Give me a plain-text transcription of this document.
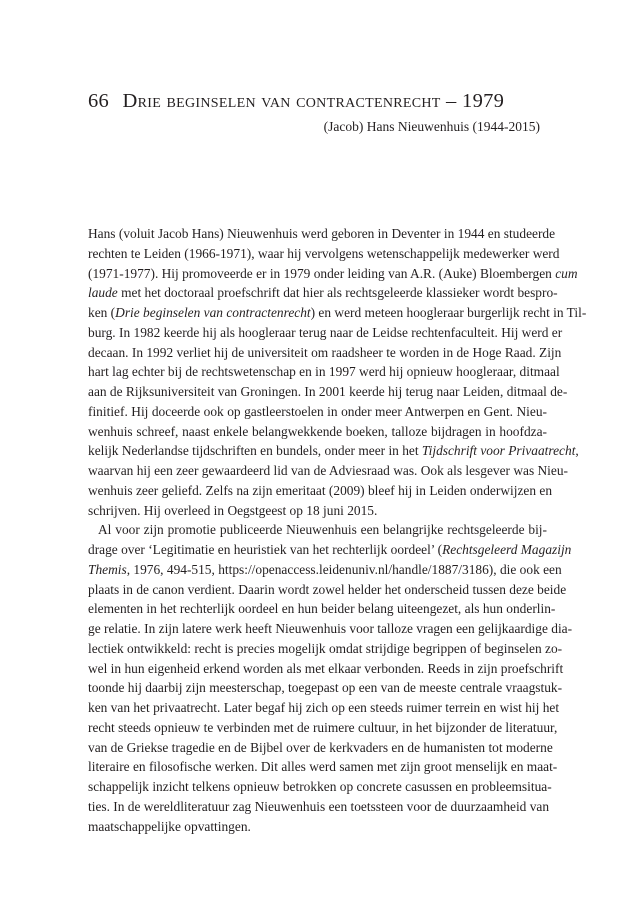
66 Drie beginselen van contractenrecht – 1979
(Jacob) Hans Nieuwenhuis (1944-2015)
Hans (voluit Jacob Hans) Nieuwenhuis werd geboren in Deventer in 1944 en studeerde
rechten te Leiden (1966-1971), waar hij vervolgens wetenschappelijk medewerker werd
(1971-1977). Hij promoveerde er in 1979 onder leiding van A.R. (Auke) Bloembergen cum
laude met het doctoraal proefschrift dat hier als rechtsgeleerde klassieker wordt bespro-
ken (Drie beginselen van contractenrecht) en werd meteen hoogleraar burgerlijk recht in Til-
burg. In 1982 keerde hij als hoogleraar terug naar de Leidse rechtenfaculteit. Hij werd er
decaan. In 1992 verliet hij de universiteit om raadsheer te worden in de Hoge Raad. Zijn
hart lag echter bij de rechtswetenschap en in 1997 werd hij opnieuw hoogleraar, ditmaal
aan de Rijksuniversiteit van Groningen. In 2001 keerde hij terug naar Leiden, ditmaal de-
finitief. Hij doceerde ook op gastleerstoelen in onder meer Antwerpen en Gent. Nieu-
wenhuis schreef, naast enkele belangwekkende boeken, talloze bijdragen in hoofdza-
kelijk Nederlandse tijdschriften en bundels, onder meer in het Tijdschrift voor Privaatrecht,
waarvan hij een zeer gewaardeerd lid van de Adviesraad was. Ook als lesgever was Nieu-
wenhuis zeer geliefd. Zelfs na zijn emeritaat (2009) bleef hij in Leiden onderwijzen en
schrijven. Hij overleed in Oegstgeest op 18 juni 2015.
Al voor zijn promotie publiceerde Nieuwenhuis een belangrijke rechtsgeleerde bij-
drage over ‘Legitimatie en heuristiek van het rechterlijk oordeel’ (Rechtsgeleerd Magazijn
Themis, 1976, 494-515, https://openaccess.leidenuniv.nl/handle/1887/3186), die ook een
plaats in de canon verdient. Daarin wordt zowel helder het onderscheid tussen deze beide
elementen in het rechterlijk oordeel en hun beider belang uiteengezet, als hun onderlin-
ge relatie. In zijn latere werk heeft Nieuwenhuis voor talloze vragen een gelijkaardige dia-
lectiek ontwikkeld: recht is precies mogelijk omdat strijdige begrippen of beginselen zo-
wel in hun eigenheid erkend worden als met elkaar verbonden. Reeds in zijn proefschrift
toonde hij daarbij zijn meesterschap, toegepast op een van de meeste centrale vraagstuk-
ken van het privaatrecht. Later begaf hij zich op een steeds ruimer terrein en wist hij het
recht steeds opnieuw te verbinden met de ruimere cultuur, in het bijzonder de literatuur,
van de Griekse tragedie en de Bijbel over de kerkvaders en de humanisten tot moderne
literaire en filosofische werken. Dit alles werd samen met zijn groot menselijk en maat-
schappelijk inzicht telkens opnieuw betrokken op concrete casussen en probleemsitua-
ties. In de wereldliteratuur zag Nieuwenhuis een toetssteen voor de duurzaamheid van
maatschappelijke opvattingen.
